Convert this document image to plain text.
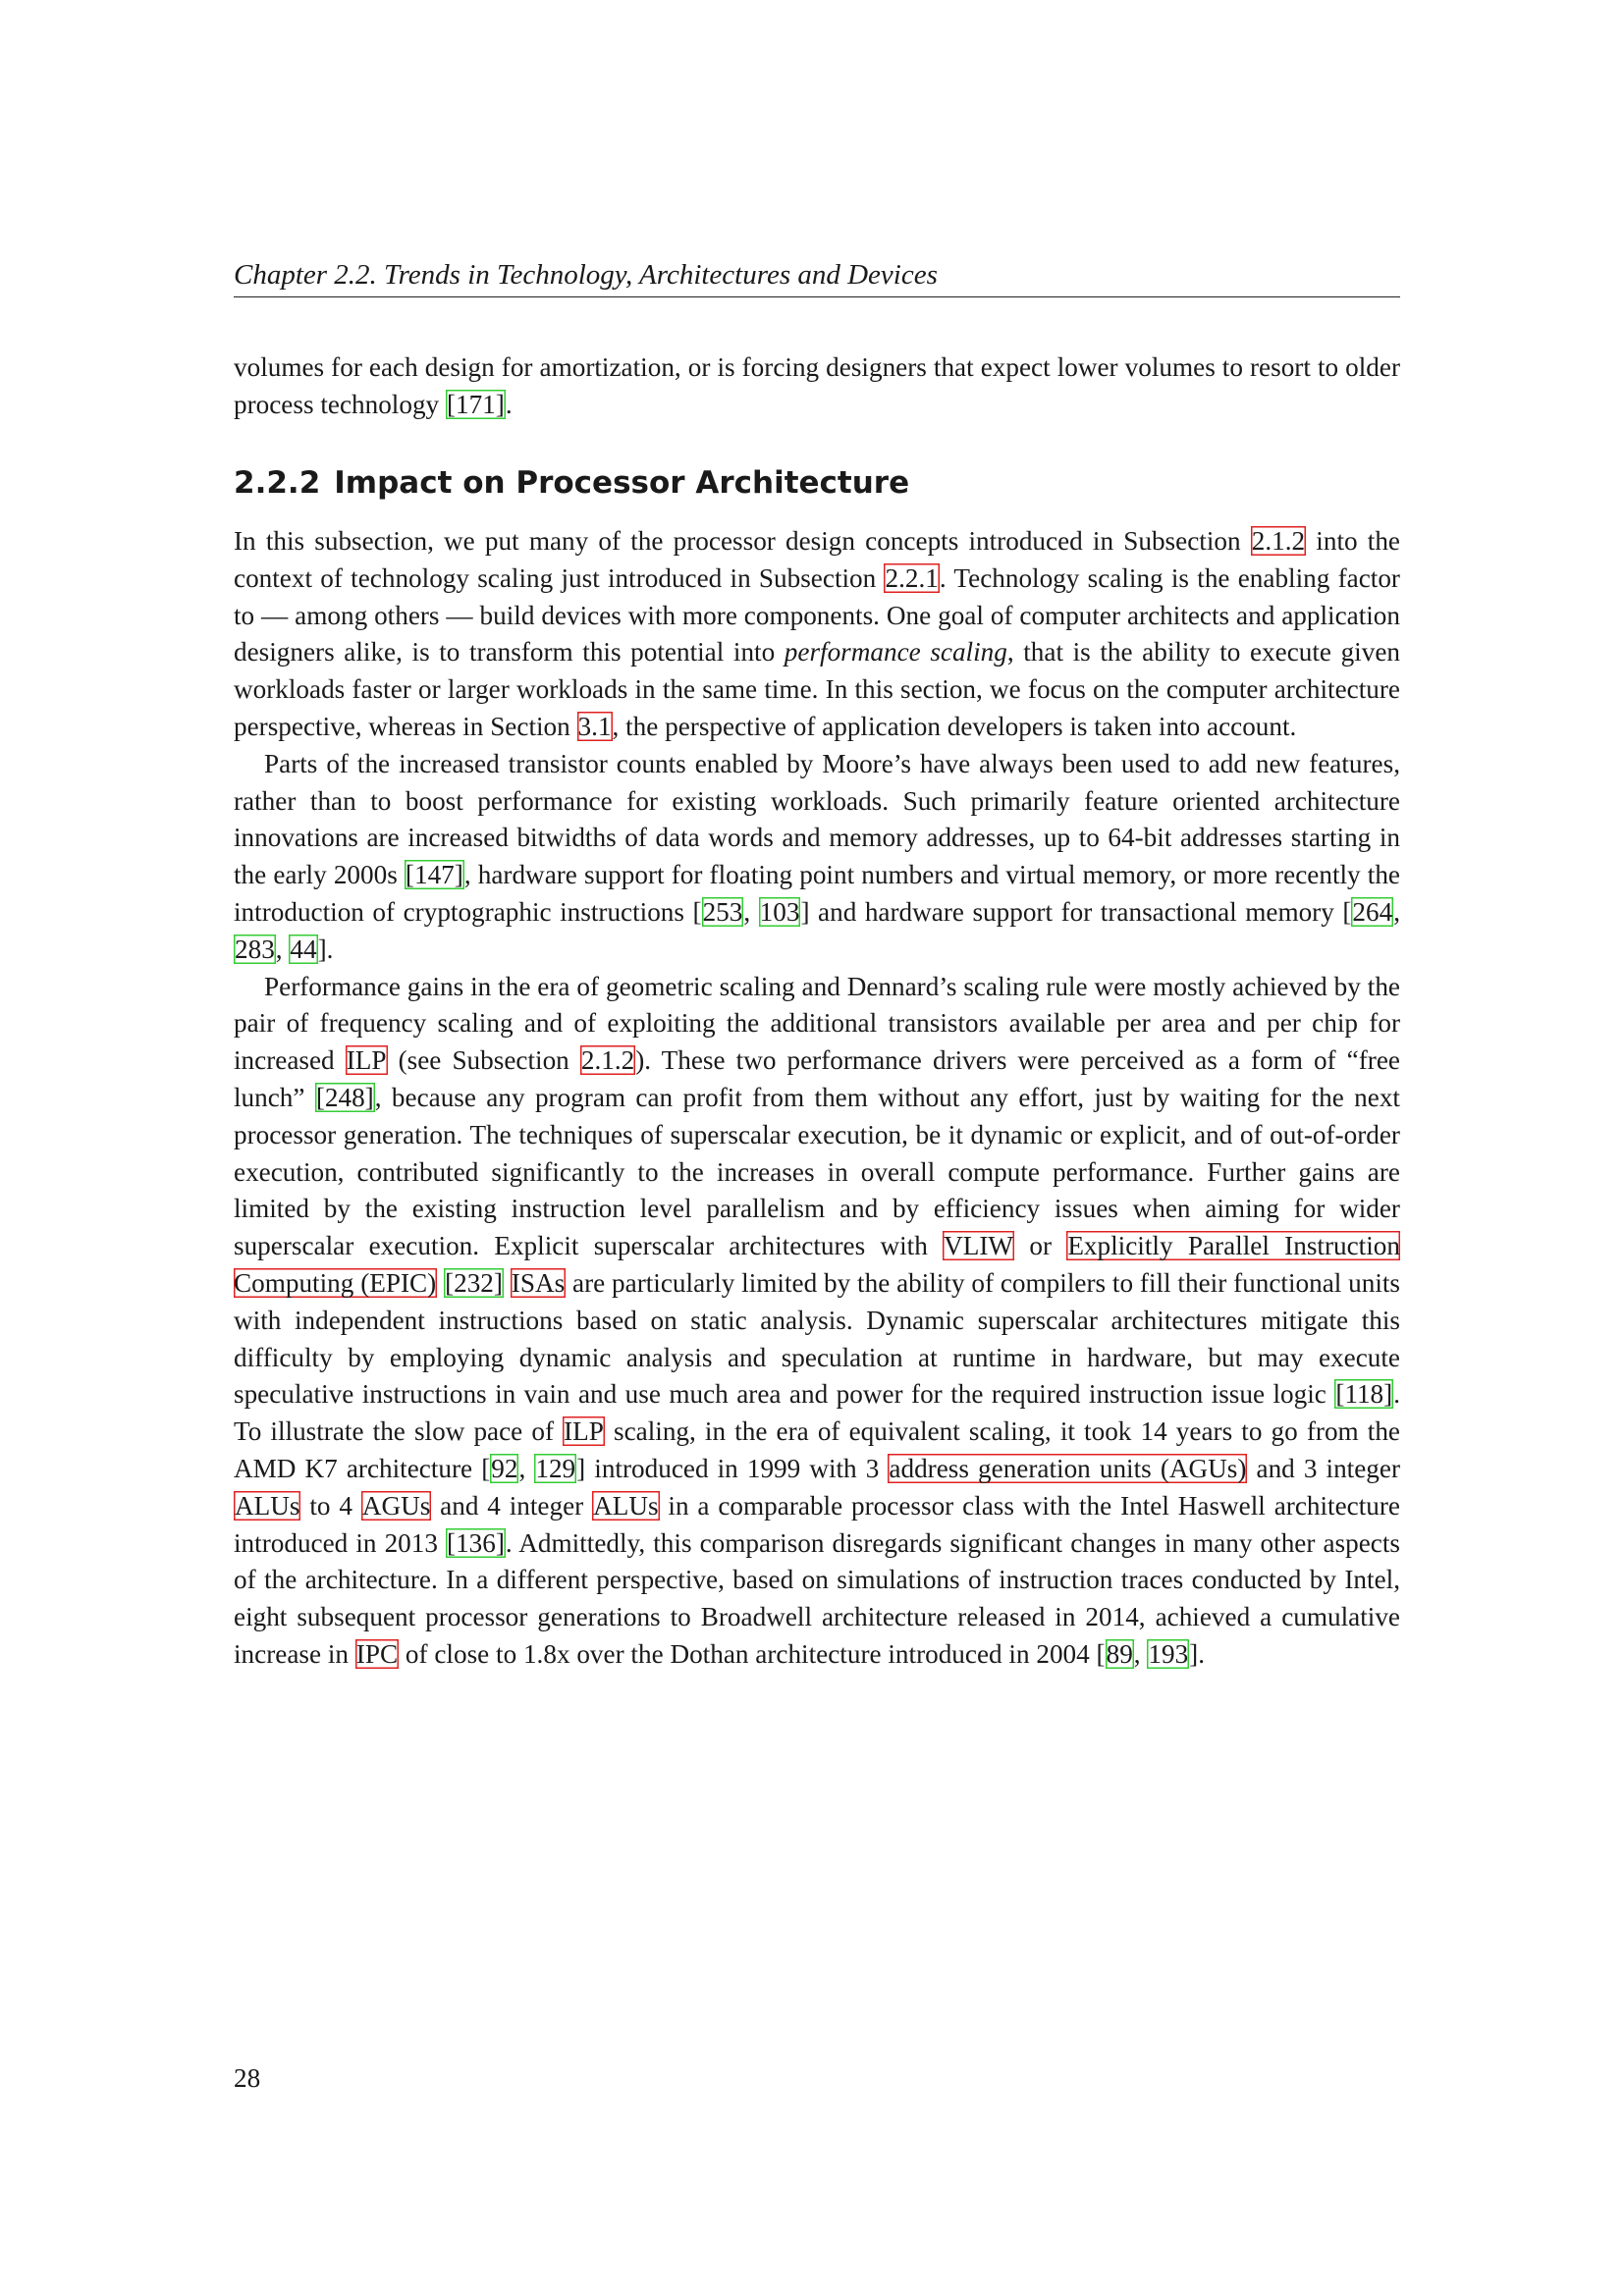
Chapter 2.2. Trends in Technology, Architectures and Devices

volumes for each design for amortization, or is forcing designers that expect lower volumes to resort to older process technology [171].

2.2.2 Impact on Processor Architecture

In this subsection, we put many of the processor design concepts introduced in Subsection 2.1.2 into the context of technology scaling just introduced in Subsection 2.2.1. Technology scaling is the enabling factor to — among others — build devices with more components. One goal of computer architects and application designers alike, is to transform this potential into performance scaling, that is the ability to execute given workloads faster or larger workloads in the same time. In this section, we focus on the computer architecture perspective, whereas in Section 3.1, the perspective of application developers is taken into account.

Parts of the increased transistor counts enabled by Moore’s have always been used to add new features, rather than to boost performance for existing workloads. Such primarily feature oriented architecture innovations are increased bitwidths of data words and memory addresses, up to 64-bit addresses starting in the early 2000s [147], hardware support for floating point numbers and virtual memory, or more recently the introduction of cryptographic instructions [253, 103] and hardware support for transactional memory [264, 283, 44].

Performance gains in the era of geometric scaling and Dennard’s scaling rule were mostly achieved by the pair of frequency scaling and of exploiting the additional transistors available per area and per chip for increased ILP (see Subsection 2.1.2). These two performance drivers were perceived as a form of “free lunch” [248], because any program can profit from them without any effort, just by waiting for the next processor generation. The techniques of superscalar execution, be it dynamic or explicit, and of out-of-order execution, contributed significantly to the increases in overall compute performance. Further gains are limited by the existing instruction level parallelism and by efficiency issues when aiming for wider superscalar execution. Explicit superscalar architectures with VLIW or Explicitly Parallel Instruction Computing (EPIC) [232] ISAs are particularly limited by the ability of compilers to fill their functional units with independent instructions based on static analysis. Dynamic superscalar architectures mitigate this difficulty by employing dynamic analysis and speculation at runtime in hardware, but may execute speculative instructions in vain and use much area and power for the required instruction issue logic [118]. To illustrate the slow pace of ILP scaling, in the era of equivalent scaling, it took 14 years to go from the AMD K7 architecture [92, 129] introduced in 1999 with 3 address generation units (AGUs) and 3 integer ALUs to 4 AGUs and 4 integer ALUs in a comparable processor class with the Intel Haswell architecture introduced in 2013 [136]. Admittedly, this comparison disregards significant changes in many other aspects of the architecture. In a different perspective, based on simulations of instruction traces conducted by Intel, eight subsequent processor generations to Broadwell architecture released in 2014, achieved a cumulative increase in IPC of close to 1.8x over the Dothan architecture introduced in 2004 [89, 193].

28
